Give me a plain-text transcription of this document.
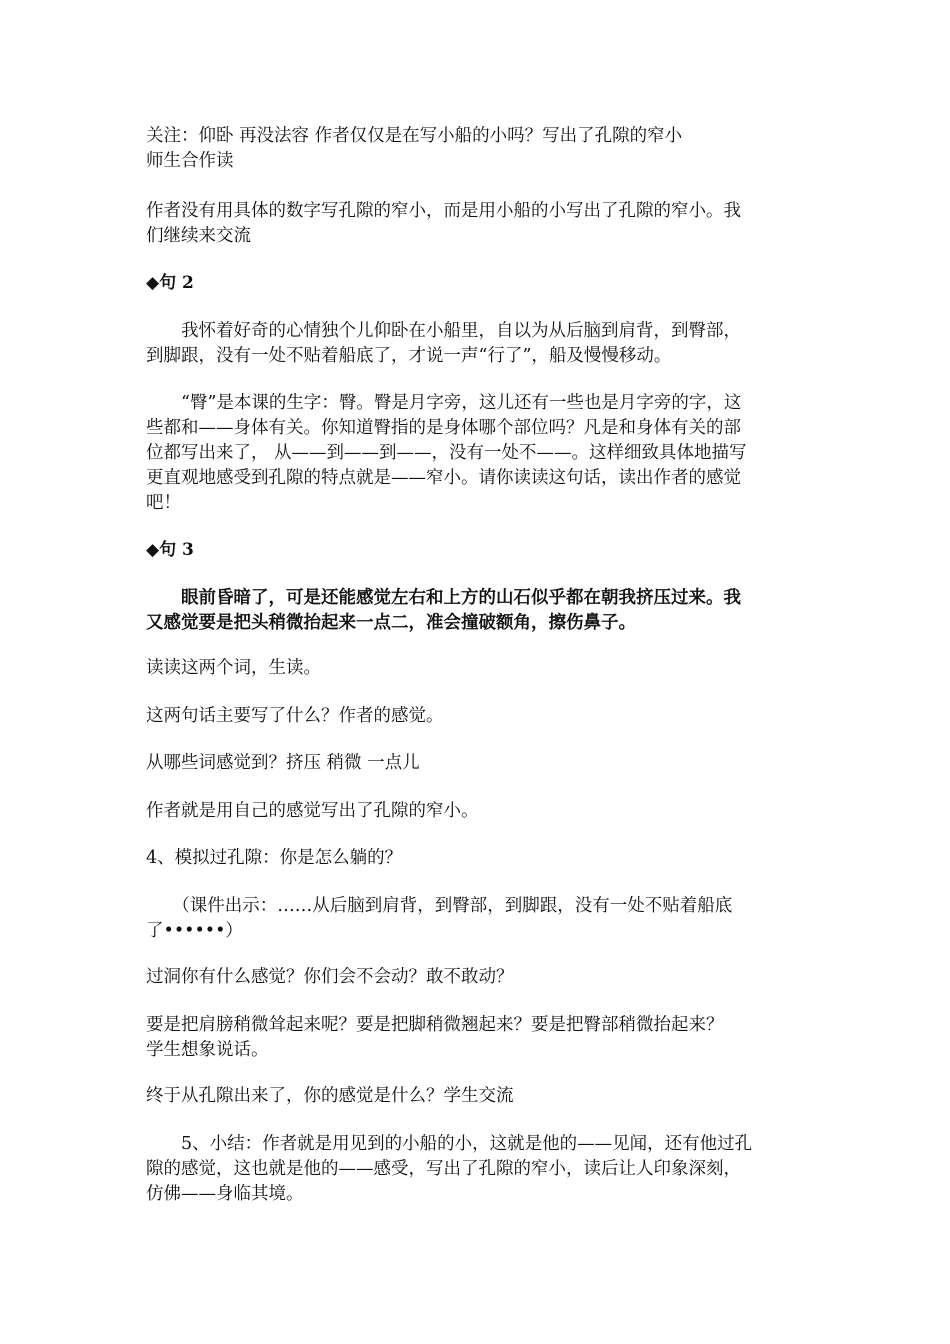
关注：仰卧 再没法容 作者仅仅是在写小船的小吗？写出了孔隙的窄小

师生合作读

作者没有用具体的数字写孔隙的窄小，而是用小船的小写出了孔隙的窄小。我

们继续来交流

◆句 2

　　我怀着好奇的心情独个儿仰卧在小船里，自以为从后脑到肩背，到臀部，

到脚跟，没有一处不贴着船底了，才说一声“行了”，船及慢慢移动。

　　“臀”是本课的生字：臀。臀是月字旁，这儿还有一些也是月字旁的字，这

些都和——身体有关。你知道臀指的是身体哪个部位吗？凡是和身体有关的部

位都写出来了， 从——到——到——，没有一处不——。这样细致具体地描写

更直观地感受到孔隙的特点就是——窄小。请你读读这句话，读出作者的感觉

吧！

◆句 3

　　眼前昏暗了，可是还能感觉左右和上方的山石似乎都在朝我挤压过来。我

又感觉要是把头稍微抬起来一点二，准会撞破额角，擦伤鼻子。

读读这两个词，生读。

这两句话主要写了什么？作者的感觉。

从哪些词感觉到？挤压 稍微 一点儿

作者就是用自己的感觉写出了孔隙的窄小。

4、模拟过孔隙：你是怎么躺的？

　　（课件出示：……从后脑到肩背，到臀部，到脚跟，没有一处不贴着船底

了••••••）

过洞你有什么感觉？你们会不会动？敢不敢动？

要是把肩膀稍微耸起来呢？要是把脚稍微翘起来？要是把臀部稍微抬起来？

学生想象说话。

终于从孔隙出来了，你的感觉是什么？学生交流

　　5、小结：作者就是用见到的小船的小，这就是他的——见闻，还有他过孔

隙的感觉，这也就是他的——感受，写出了孔隙的窄小，读后让人印象深刻，

仿佛——身临其境。
